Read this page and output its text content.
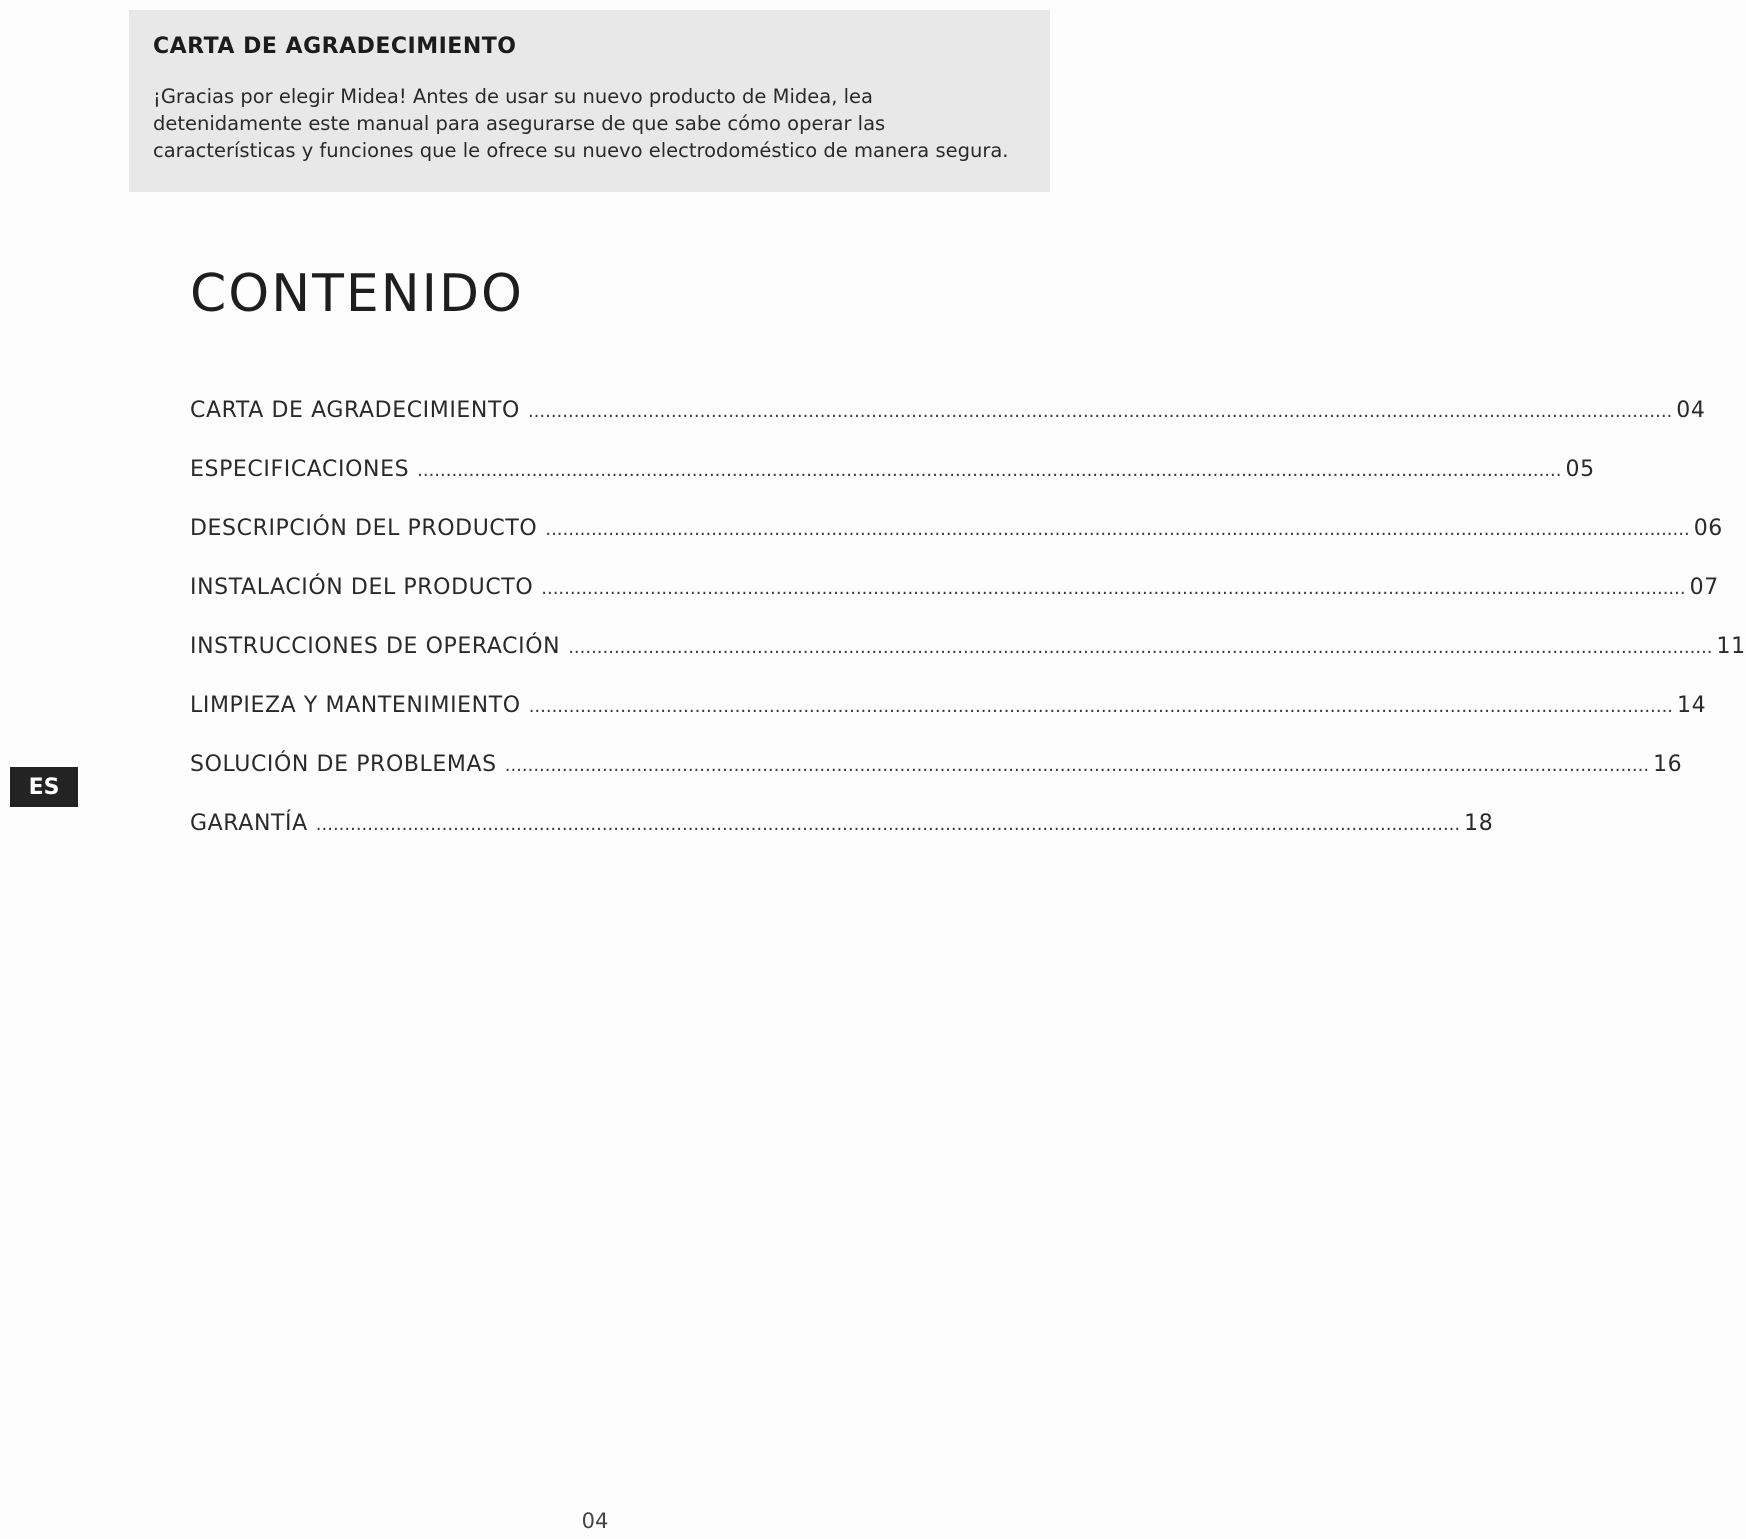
CARTA DE AGRADECIMIENTO

¡Gracias por elegir Midea! Antes de usar su nuevo producto de Midea, lea detenidamente este manual para asegurarse de que sabe cómo operar las características y funciones que le ofrece su nuevo electrodoméstico de manera segura.

CONTENIDO
CARTA DE AGRADECIMIENTO ........................................................................................................................................................................................................ 04
ESPECIFICACIONES ........................................................................................................................................................................................................ 05
DESCRIPCIÓN DEL PRODUCTO ........................................................................................................................................................................................................ 06
INSTALACIÓN DEL PRODUCTO ........................................................................................................................................................................................................ 07
INSTRUCCIONES DE OPERACIÓN ........................................................................................................................................................................................................ 11
LIMPIEZA Y MANTENIMIENTO ........................................................................................................................................................................................................ 14
SOLUCIÓN DE PROBLEMAS ........................................................................................................................................................................................................ 16
GARANTÍA ........................................................................................................................................................................................................ 18
ES
04
